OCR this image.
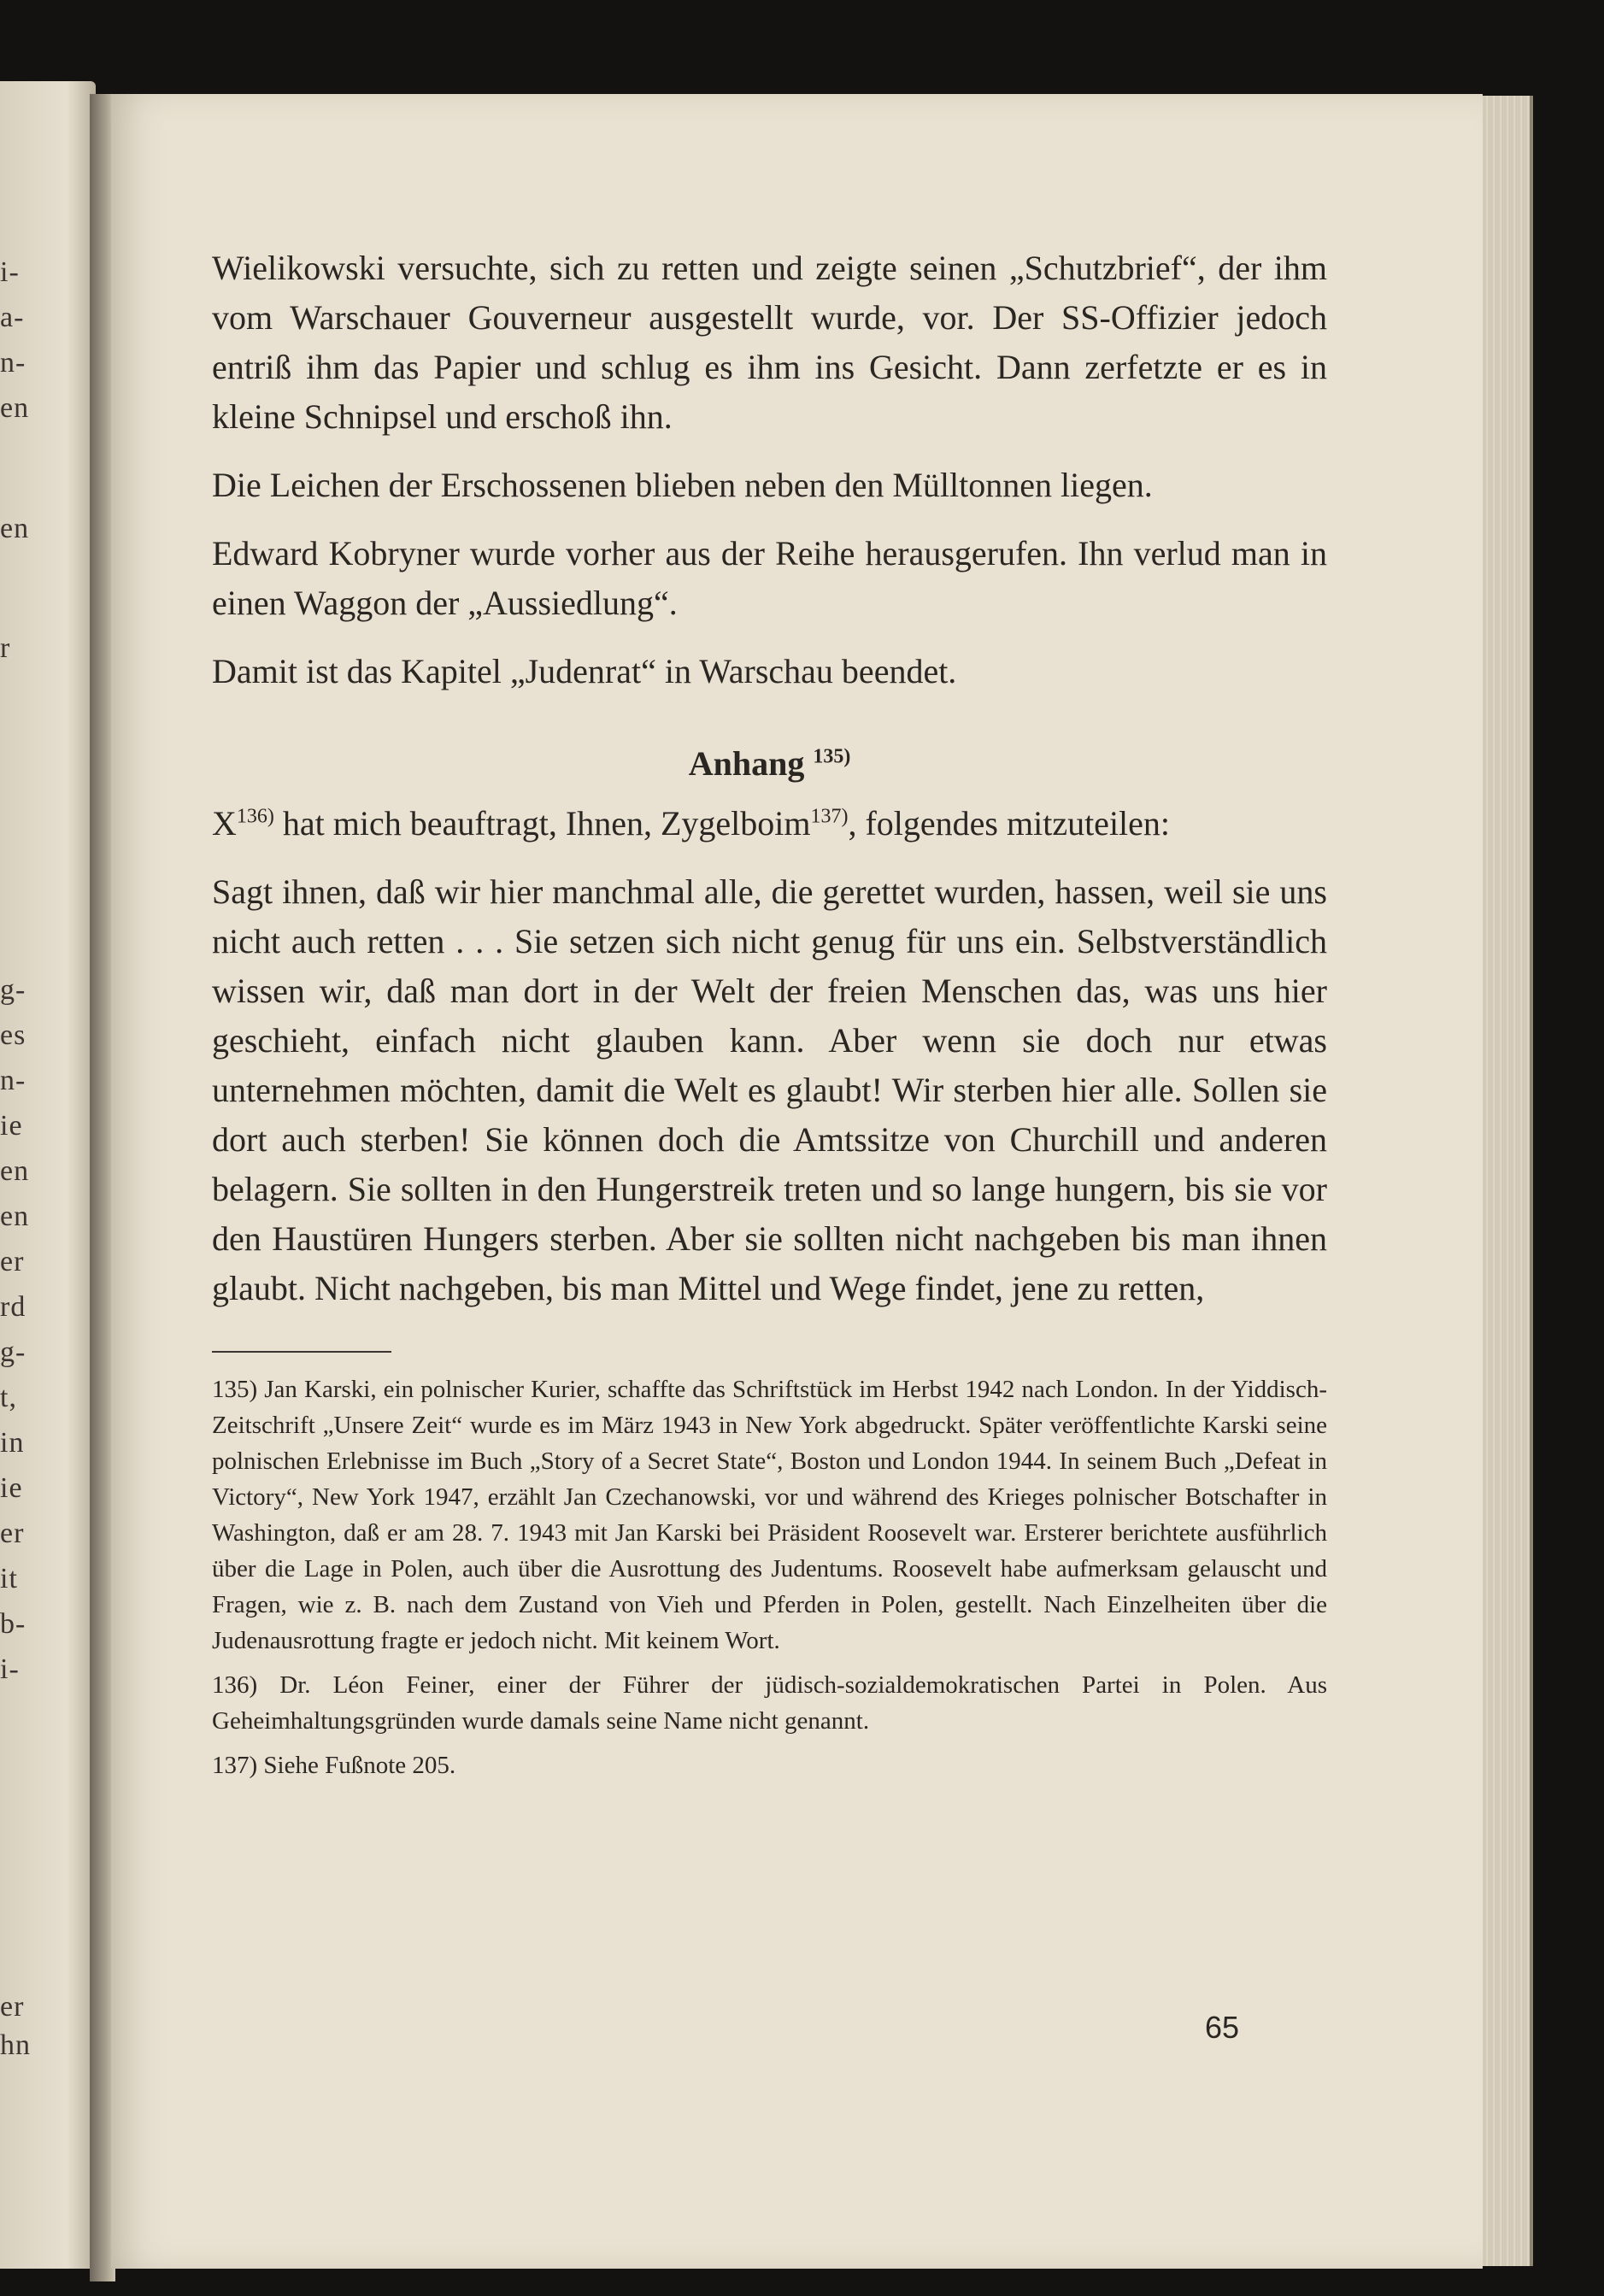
i-
a-
n-
en
en
r
g-
es
n-
ie
en
en
er
rd
g-
t,
in
ie
er
it
b-
i-
er
hn

Wielikowski versuchte, sich zu retten und zeigte seinen „Schutzbrief“, der ihm vom Warschauer Gouverneur ausgestellt wurde, vor. Der SS-Offizier jedoch entriß ihm das Papier und schlug es ihm ins Gesicht. Dann zerfetzte er es in kleine Schnipsel und erschoß ihn.

Die Leichen der Erschossenen blieben neben den Mülltonnen liegen.

Edward Kobryner wurde vorher aus der Reihe herausgerufen. Ihn verlud man in einen Waggon der „Aussiedlung“.

Damit ist das Kapitel „Judenrat“ in Warschau beendet.

Anhang $^{135)}$

$X^{136)}$ hat mich beauftragt, Ihnen, Zygelboim$^{137)}$, folgendes mitzuteilen:

Sagt ihnen, daß wir hier manchmal alle, die gerettet wurden, hassen, weil sie uns nicht auch retten . . . Sie setzen sich nicht genug für uns ein. Selbstverständlich wissen wir, daß man dort in der Welt der freien Menschen das, was uns hier geschieht, einfach nicht glauben kann. Aber wenn sie doch nur etwas unternehmen möchten, damit die Welt es glaubt! Wir sterben hier alle. Sollen sie dort auch sterben! Sie können doch die Amtssitze von Churchill und anderen belagern. Sie sollten in den Hungerstreik treten und so lange hungern, bis sie vor den Haustüren Hungers sterben. Aber sie sollten nicht nachgeben bis man ihnen glaubt. Nicht nachgeben, bis man Mittel und Wege findet, jene zu retten,

135) Jan Karski, ein polnischer Kurier, schaffte das Schriftstück im Herbst 1942 nach London. In der Yiddisch-Zeitschrift „Unsere Zeit“ wurde es im März 1943 in New York abgedruckt. Später veröffentlichte Karski seine polnischen Erlebnisse im Buch „Story of a Secret State“, Boston und London 1944. In seinem Buch „Defeat in Victory“, New York 1947, erzählt Jan Czechanowski, vor und während des Krieges polnischer Botschafter in Washington, daß er am 28. 7. 1943 mit Jan Karski bei Präsident Roosevelt war. Ersterer berichtete ausführlich über die Lage in Polen, auch über die Ausrottung des Judentums. Roosevelt habe aufmerksam gelauscht und Fragen, wie z. B. nach dem Zustand von Vieh und Pferden in Polen, gestellt. Nach Einzelheiten über die Judenausrottung fragte er jedoch nicht. Mit keinem Wort.

136) Dr. Léon Feiner, einer der Führer der jüdisch-sozialdemokratischen Partei in Polen. Aus Geheimhaltungsgründen wurde damals seine Name nicht genannt.

137) Siehe Fußnote 205.

65
